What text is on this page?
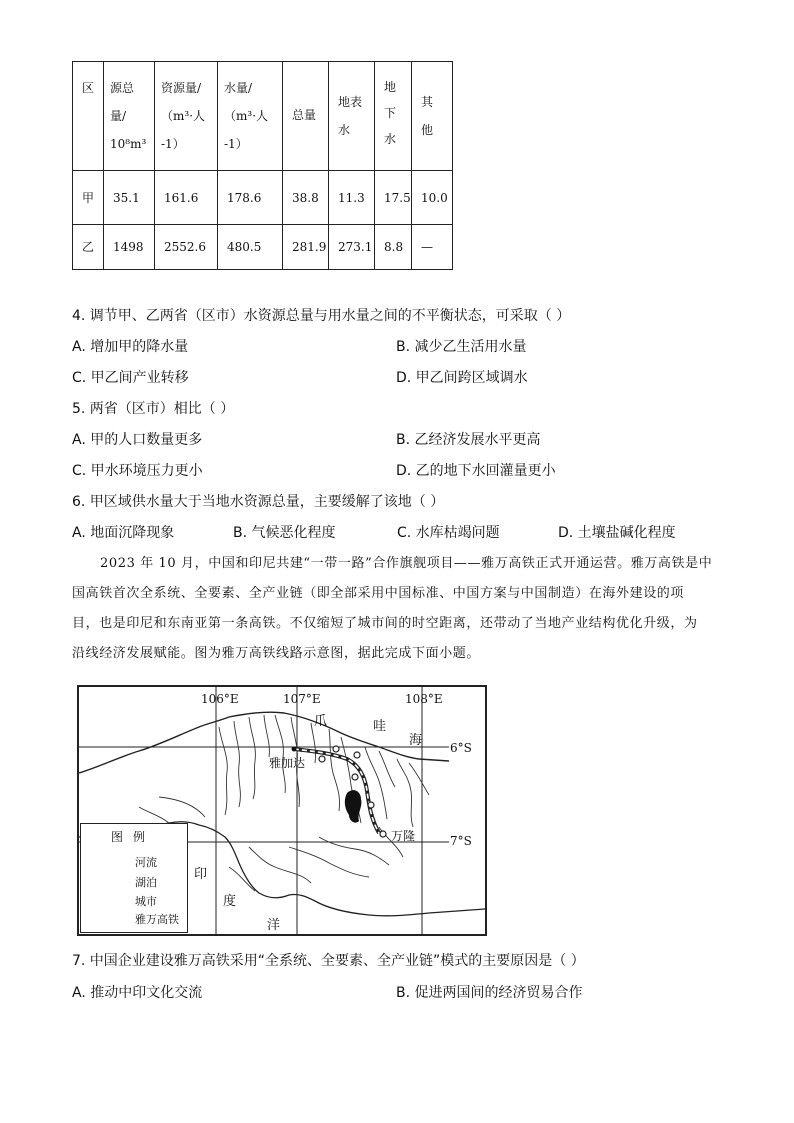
区	源总
量/
10⁸m³	资源量/
（m³·人
-1）	水量/
（m³·人
-1）	总量	地表
水	地
下
水	其
他

甲	35.1	161.6	178.6	38.8	11.3	17.5	10.0

乙	1498	2552.6	480.5	281.9	273.1	8.8	—
4. 调节甲、乙两省（区市）水资源总量与用水量之间的不平衡状态，可采取（ ）
A. 增加甲的降水量	B. 减少乙生活用水量
C. 甲乙间产业转移	D. 甲乙间跨区域调水
5. 两省（区市）相比（ ）
A. 甲的人口数量更多	B. 乙经济发展水平更高
C. 甲水环境压力更小	D. 乙的地下水回灌量更小
6. 甲区域供水量大于当地水资源总量，主要缓解了该地（ ）
A. 地面沉降现象	B. 气候恶化程度	C. 水库枯竭问题	D. 土壤盐碱化程度
2023 年 10 月，中国和印尼共建“一带一路”合作旗舰项目——雅万高铁正式开通运营。雅万高铁是中
国高铁首次全系统、全要素、全产业链（即全部采用中国标准、中国方案与中国制造）在海外建设的项
目，也是印尼和东南亚第一条高铁。不仅缩短了城市间的时空距离，还带动了当地产业结构优化升级，为
沿线经济发展赋能。图为雅万高铁线路示意图，据此完成下面小题。
106°E	107°E	108°E
6°S
7°S
爪	哇
海
印
度
洋
雅加达
万隆
图例
河流
湖泊
城市
雅万高铁
7. 中国企业建设雅万高铁采用“全系统、全要素、全产业链”模式的主要原因是（ ）
A. 推动中印文化交流	B. 促进两国间的经济贸易合作
